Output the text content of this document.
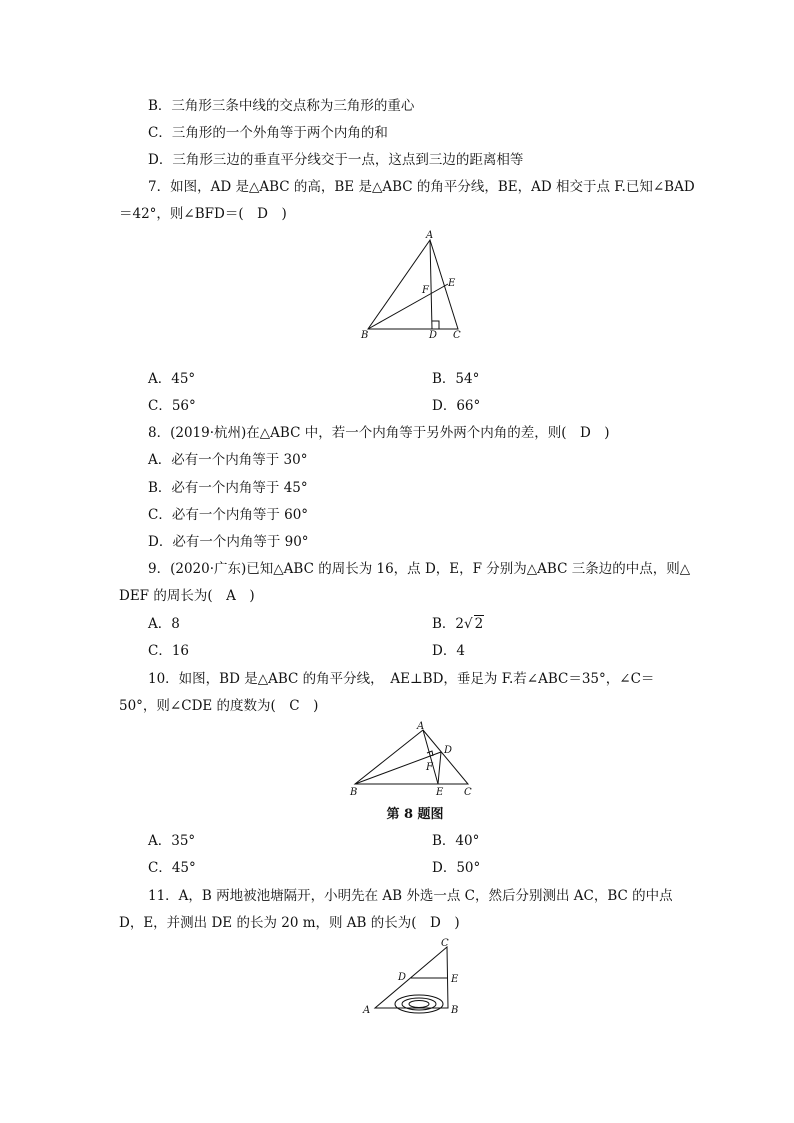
B．三角形三条中线的交点称为三角形的重心
C．三角形的一个外角等于两个内角的和
D．三角形三边的垂直平分线交于一点，这点到三边的距离相等
7．如图，AD 是△ABC 的高，BE 是△ABC 的角平分线，BE，AD 相交于点 F.已知∠BAD
＝42°，则∠BFD＝(　D　)
A
E
F
B	D C
A．45°	B．54°
C．56°	D．66°
8．(2019·杭州)在△ABC 中，若一个内角等于另外两个内角的差，则(　D　)
A．必有一个内角等于 30°
B．必有一个内角等于 45°
C．必有一个内角等于 60°
D．必有一个内角等于 90°
9．(2020·广东)已知△ABC 的周长为 16，点 D，E，F 分别为△ABC 三条边的中点，则△
DEF 的周长为(　A　)
A．8	B．2√ 2
C．16	D．4
10．如图，BD 是△ABC 的角平分线，　AE⊥BD，垂足为 F.若∠ABC＝35°，∠C＝
50°，则∠CDE 的度数为(　C　)
A
D
F
B	E C
第 8 题图
A．35°	B．40°
C．45°	D．50°
11．A，B 两地被池塘隔开，小明先在 AB 外选一点 C，然后分别测出 AC，BC 的中点
D，E，并测出 DE 的长为 20 m，则 AB 的长为(　D　)
C
D	E
A	B
